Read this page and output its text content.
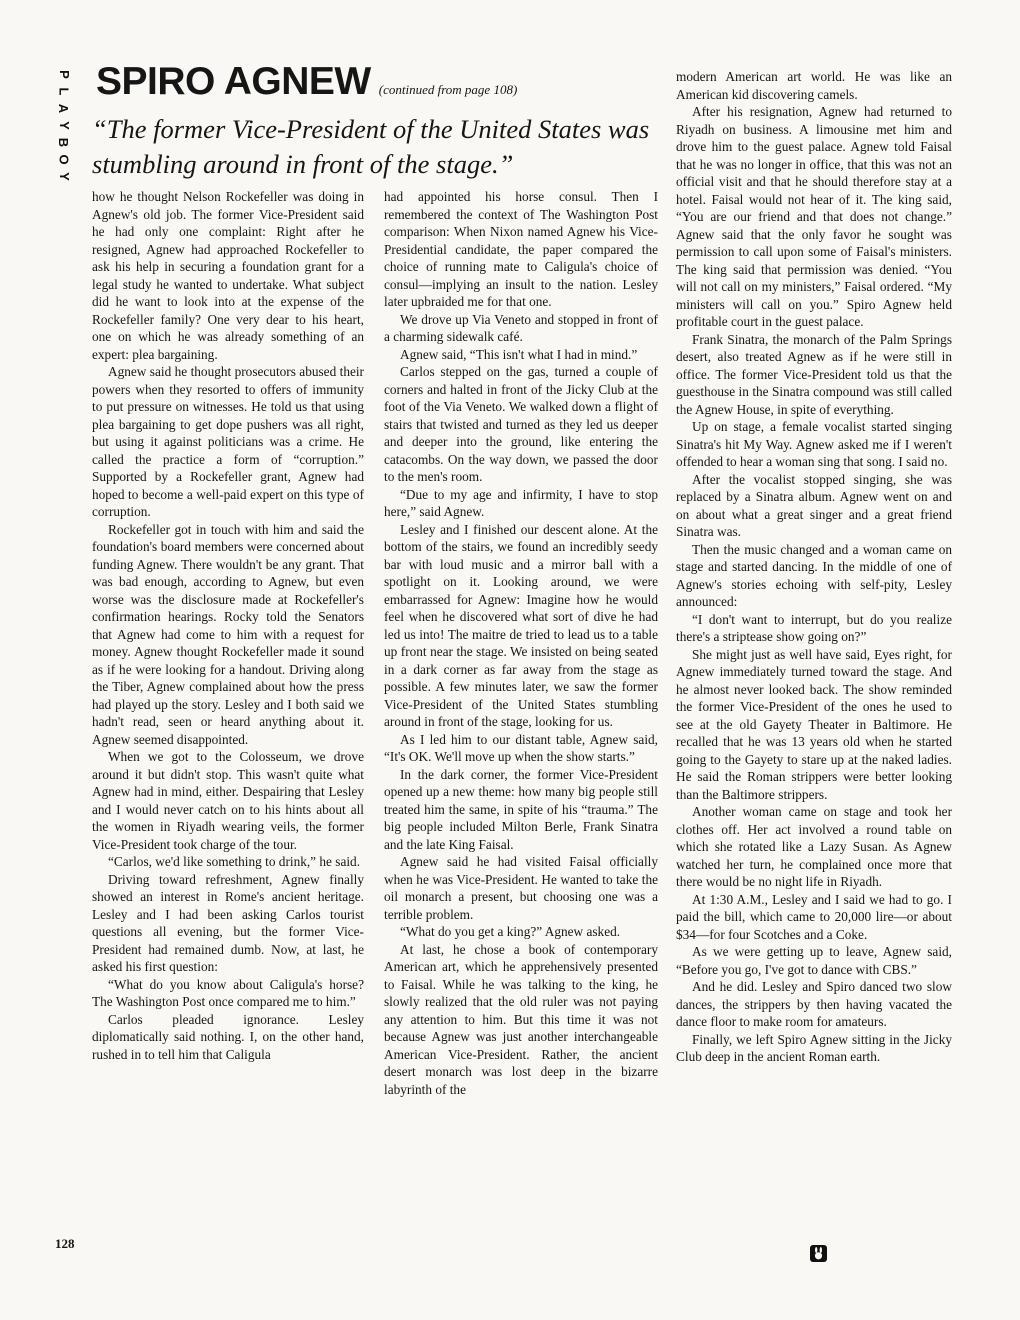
P
L
A
Y
B
O
Y
SPIRO AGNEW (continued from page 108)
“The former Vice-President of the United States was stumbling around in front of the stage.”

how he thought Nelson Rockefeller was doing in Agnew's old job. The former Vice-President said he had only one complaint: Right after he resigned, Agnew had approached Rockefeller to ask his help in securing a foundation grant for a legal study he wanted to undertake. What subject did he want to look into at the expense of the Rockefeller family? One very dear to his heart, one on which he was already something of an expert: plea bargaining.

Agnew said he thought prosecutors abused their powers when they resorted to offers of immunity to put pressure on witnesses. He told us that using plea bargaining to get dope pushers was all right, but using it against politicians was a crime. He called the practice a form of “corruption.” Supported by a Rockefeller grant, Agnew had hoped to become a well-paid expert on this type of corruption.

Rockefeller got in touch with him and said the foundation's board members were concerned about funding Agnew. There wouldn't be any grant. That was bad enough, according to Agnew, but even worse was the disclosure made at Rockefeller's confirmation hearings. Rocky told the Senators that Agnew had come to him with a request for money. Agnew thought Rockefeller made it sound as if he were looking for a handout. Driving along the Tiber, Agnew complained about how the press had played up the story. Lesley and I both said we hadn't read, seen or heard anything about it. Agnew seemed disappointed.

When we got to the Colosseum, we drove around it but didn't stop. This wasn't quite what Agnew had in mind, either. Despairing that Lesley and I would never catch on to his hints about all the women in Riyadh wearing veils, the former Vice-President took charge of the tour.

“Carlos, we'd like something to drink,” he said.

Driving toward refreshment, Agnew finally showed an interest in Rome's ancient heritage. Lesley and I had been asking Carlos tourist questions all evening, but the former Vice-President had remained dumb. Now, at last, he asked his first question:

“What do you know about Caligula's horse? The Washington Post once compared me to him.”

Carlos pleaded ignorance. Lesley diplomatically said nothing. I, on the other hand, rushed in to tell him that Caligula

had appointed his horse consul. Then I remembered the context of The Washington Post comparison: When Nixon named Agnew his Vice-Presidential candidate, the paper compared the choice of running mate to Caligula's choice of consul—implying an insult to the nation. Lesley later upbraided me for that one.

We drove up Via Veneto and stopped in front of a charming sidewalk café.

Agnew said, “This isn't what I had in mind.”

Carlos stepped on the gas, turned a couple of corners and halted in front of the Jicky Club at the foot of the Via Veneto. We walked down a flight of stairs that twisted and turned as they led us deeper and deeper into the ground, like entering the catacombs. On the way down, we passed the door to the men's room.

“Due to my age and infirmity, I have to stop here,” said Agnew.

Lesley and I finished our descent alone. At the bottom of the stairs, we found an incredibly seedy bar with loud music and a mirror ball with a spotlight on it. Looking around, we were embarrassed for Agnew: Imagine how he would feel when he discovered what sort of dive he had led us into! The maitre de tried to lead us to a table up front near the stage. We insisted on being seated in a dark corner as far away from the stage as possible. A few minutes later, we saw the former Vice-President of the United States stumbling around in front of the stage, looking for us.

As I led him to our distant table, Agnew said, “It's OK. We'll move up when the show starts.”

In the dark corner, the former Vice-President opened up a new theme: how many big people still treated him the same, in spite of his “trauma.” The big people included Milton Berle, Frank Sinatra and the late King Faisal.

Agnew said he had visited Faisal officially when he was Vice-President. He wanted to take the oil monarch a present, but choosing one was a terrible problem.

“What do you get a king?” Agnew asked.

At last, he chose a book of contemporary American art, which he apprehensively presented to Faisal. While he was talking to the king, he slowly realized that the old ruler was not paying any attention to him. But this time it was not because Agnew was just another interchangeable American Vice-President. Rather, the ancient desert monarch was lost deep in the bizarre labyrinth of the

modern American art world. He was like an American kid discovering camels.

After his resignation, Agnew had returned to Riyadh on business. A limousine met him and drove him to the guest palace. Agnew told Faisal that he was no longer in office, that this was not an official visit and that he should therefore stay at a hotel. Faisal would not hear of it. The king said, “You are our friend and that does not change.” Agnew said that the only favor he sought was permission to call upon some of Faisal's ministers. The king said that permission was denied. “You will not call on my ministers,” Faisal ordered. “My ministers will call on you.” Spiro Agnew held profitable court in the guest palace.

Frank Sinatra, the monarch of the Palm Springs desert, also treated Agnew as if he were still in office. The former Vice-President told us that the guesthouse in the Sinatra compound was still called the Agnew House, in spite of everything.

Up on stage, a female vocalist started singing Sinatra's hit My Way. Agnew asked me if I weren't offended to hear a woman sing that song. I said no.

After the vocalist stopped singing, she was replaced by a Sinatra album. Agnew went on and on about what a great singer and a great friend Sinatra was.

Then the music changed and a woman came on stage and started dancing. In the middle of one of Agnew's stories echoing with self-pity, Lesley announced:

“I don't want to interrupt, but do you realize there's a striptease show going on?”

She might just as well have said, Eyes right, for Agnew immediately turned toward the stage. And he almost never looked back. The show reminded the former Vice-President of the ones he used to see at the old Gayety Theater in Baltimore. He recalled that he was 13 years old when he started going to the Gayety to stare up at the naked ladies. He said the Roman strippers were better looking than the Baltimore strippers.

Another woman came on stage and took her clothes off. Her act involved a round table on which she rotated like a Lazy Susan. As Agnew watched her turn, he complained once more that there would be no night life in Riyadh.

At 1:30 A.M., Lesley and I said we had to go. I paid the bill, which came to 20,000 lire—or about $34—for four Scotches and a Coke.

As we were getting up to leave, Agnew said, “Before you go, I've got to dance with CBS.”

And he did. Lesley and Spiro danced two slow dances, the strippers by then having vacated the dance floor to make room for amateurs.

Finally, we left Spiro Agnew sitting in the Jicky Club deep in the ancient Roman earth.

128
